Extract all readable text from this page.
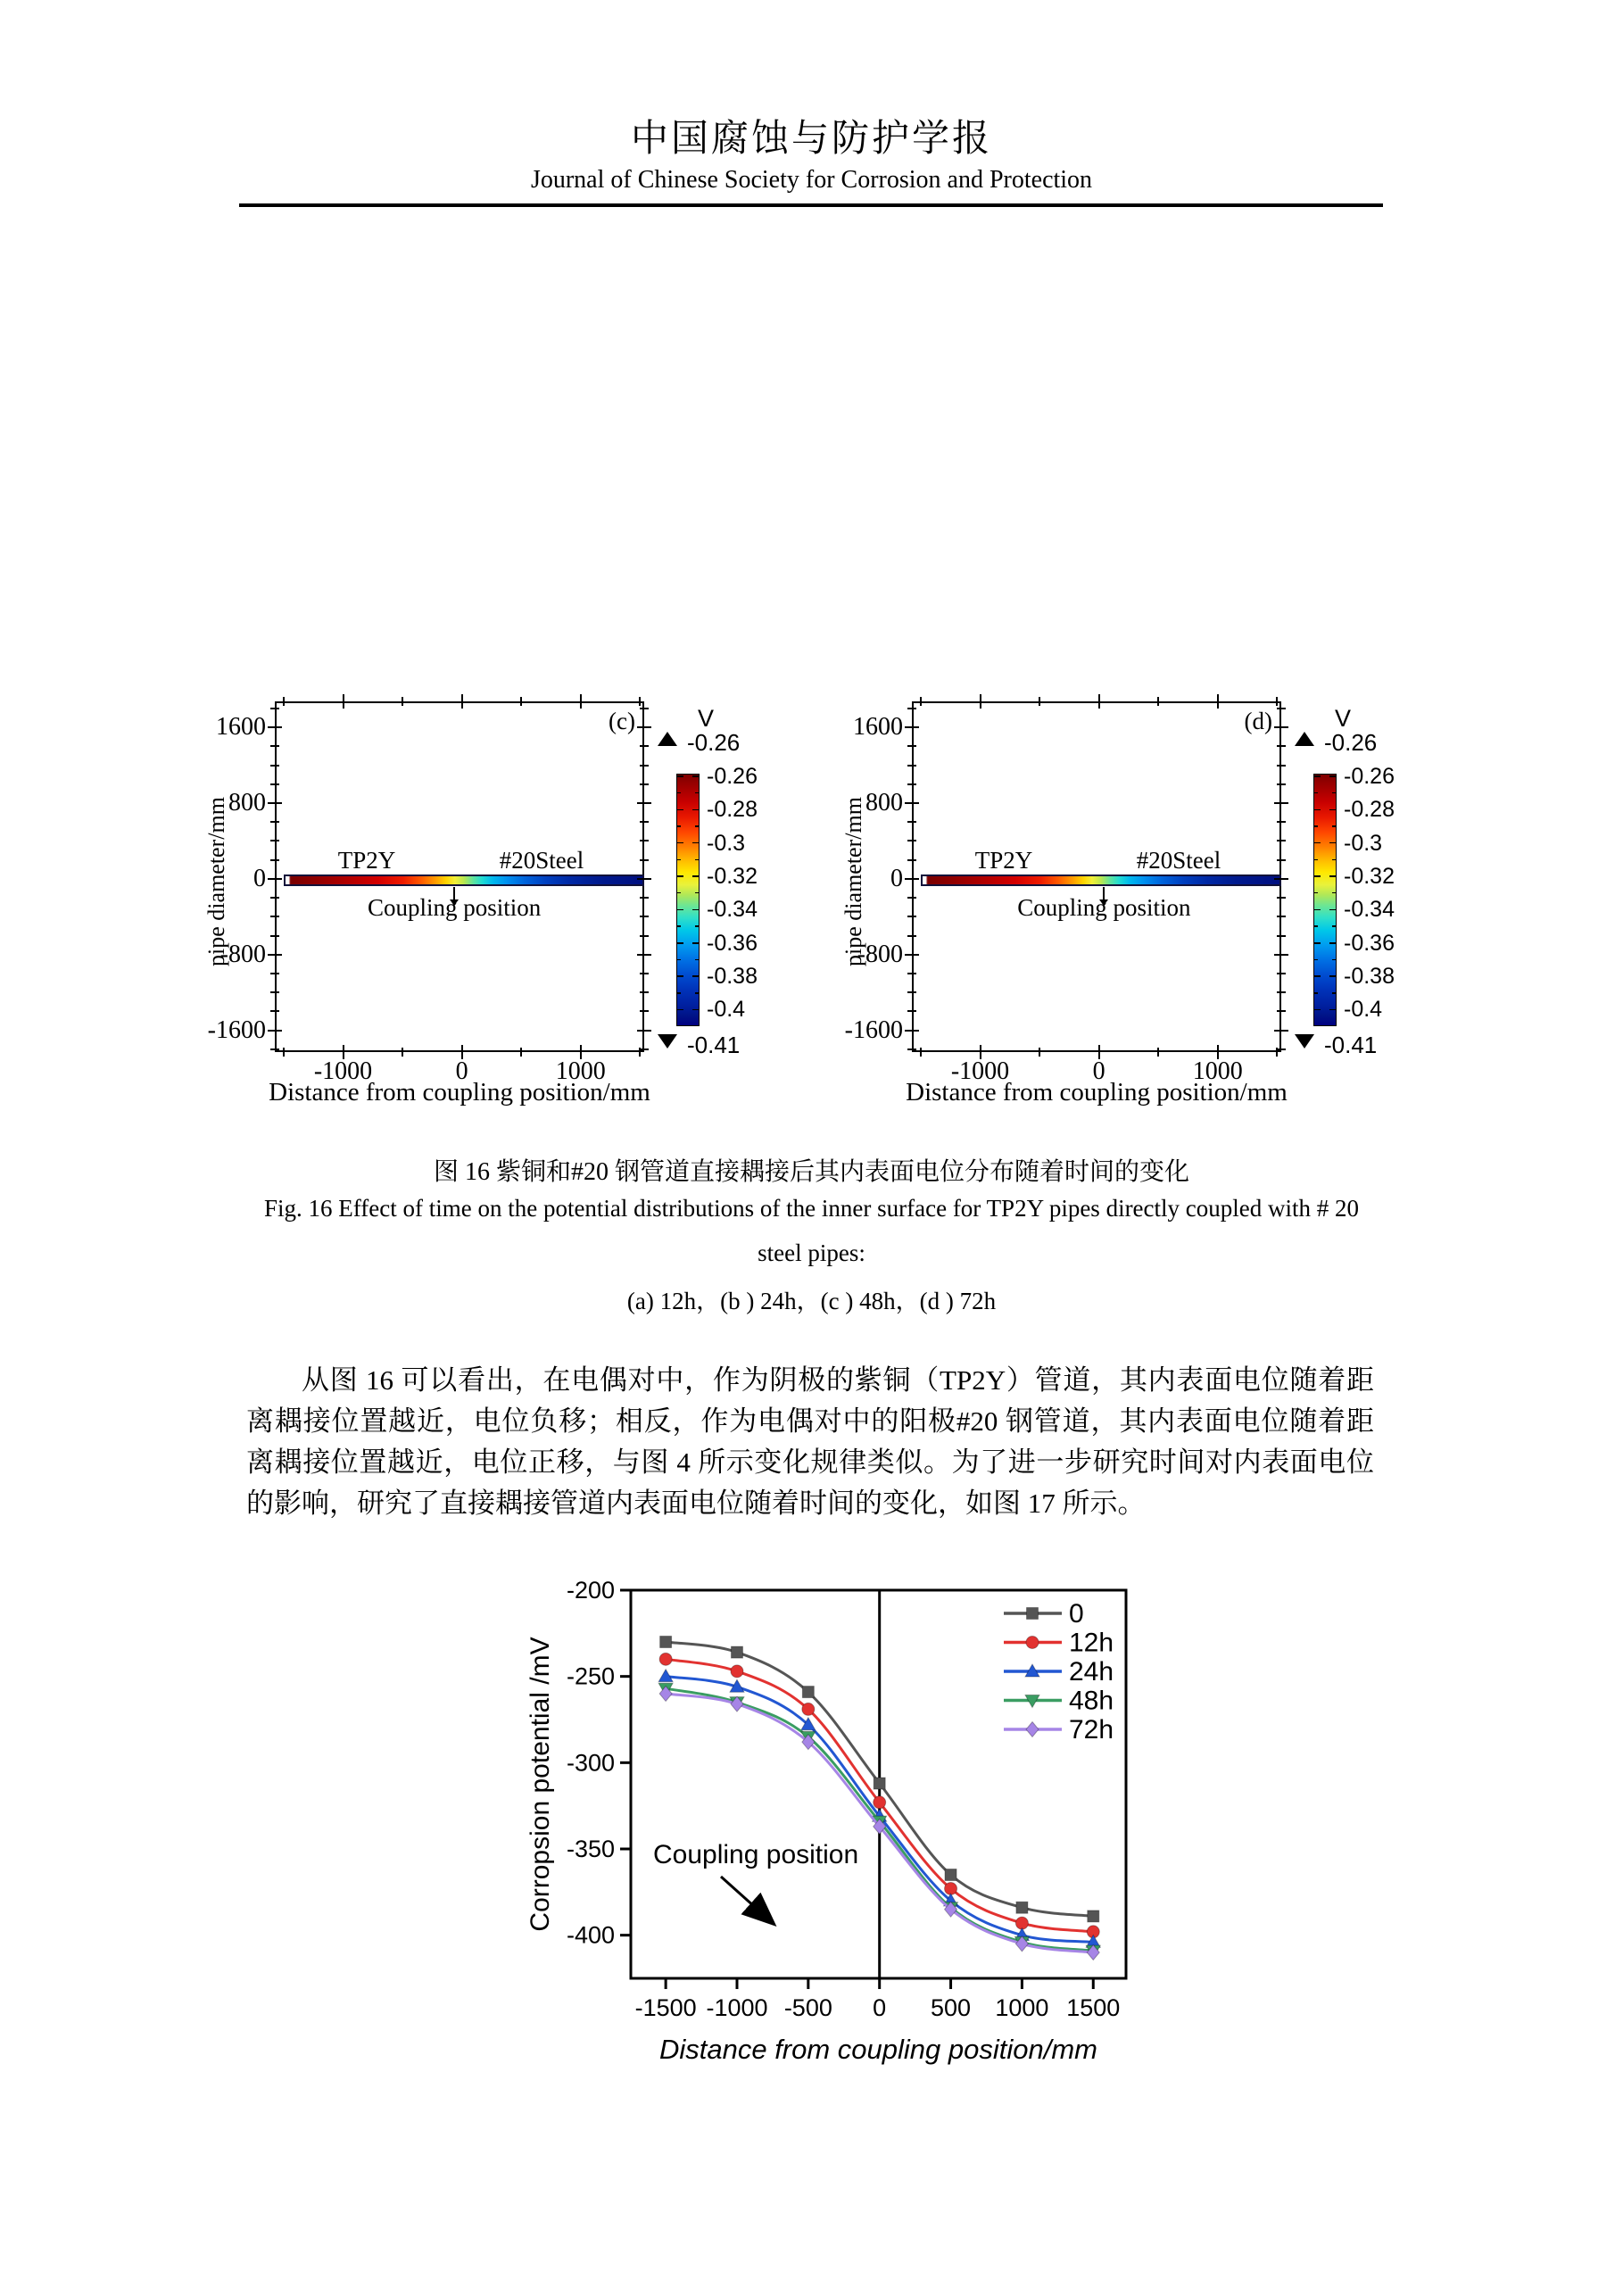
中国腐蚀与防护学报
Journal of Chinese Society for Corrosion and Protection
pipe diameter/mm	TP2Y	#20Steel
Coupling position
(c)
Distance from coupling position/mm
V
-0.26
-0.41
1600
800
0
-800
-1600
-1000	0	1000
-0.26
-0.28
-0.3
-0.32
-0.34
-0.36
-0.38
-0.4
pipe diameter/mm	TP2Y	#20Steel
Coupling position
(d)
Distance from coupling position/mm
V
-0.26
-0.41
1600
800
0
-800
-1600
-1000	0	1000
-0.26
-0.28
-0.3
-0.32
-0.34
-0.36
-0.38
-0.4
图 16 紫铜和#20 钢管道直接耦接后其内表面电位分布随着时间的变化
Fig. 16 Effect of time on the potential distributions of the inner surface for TP2Y pipes directly coupled with # 20
steel pipes:
(a) 12h，(b ) 24h，(c ) 48h，(d ) 72h
从图 16 可以看出，在电偶对中，作为阴极的紫铜（TP2Y）管道，其内表面电位随着距
离耦接位置越近，电位负移；相反，作为电偶对中的阳极#20 钢管道，其内表面电位随着距
离耦接位置越近，电位正移，与图 4 所示变化规律类似。为了进一步研究时间对内表面电位
的影响，研究了直接耦接管道内表面电位随着时间的变化，如图 17 所示。
-1500 -1000 -500 0 500 1000 1500
-200
-250
-300
-350
-400
Corropsion potential /mV
Distance from coupling position/mm
0
12h
24h
48h
72h
Coupling position
